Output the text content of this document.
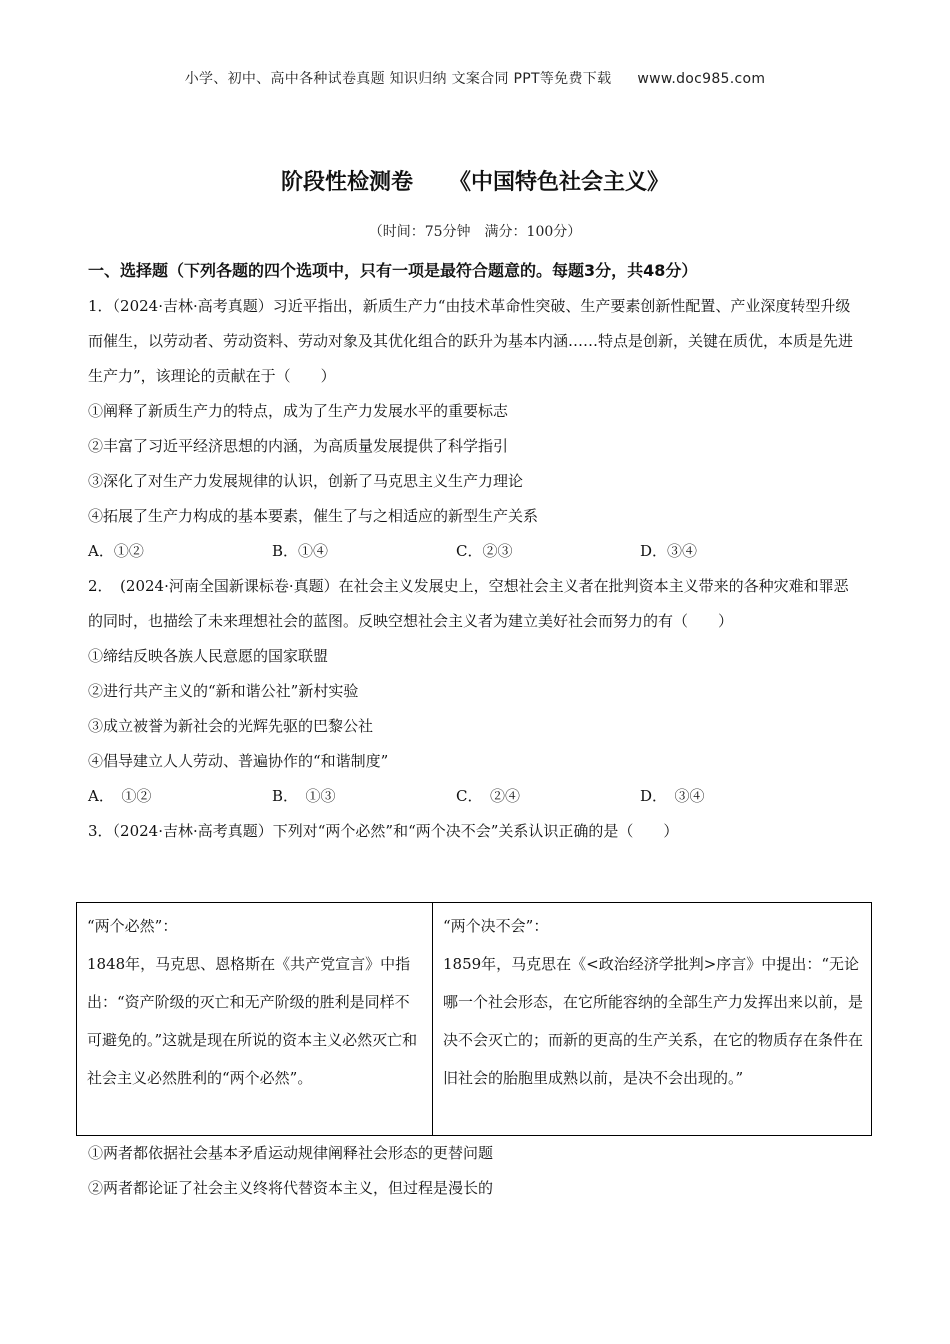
小学、初中、高中各种试卷真题 知识归纳 文案合同 PPT等免费下载 www.doc985.com
阶段性检测卷 《中国特色社会主义》
（时间：75分钟　满分：100分）
一、选择题（下列各题的四个选项中，只有一项是最符合题意的。每题3分，共48分）

1．（2024·吉林·高考真题）习近平指出，新质生产力“由技术革命性突破、生产要素创新性配置、产业深度转型升级而催生，以劳动者、劳动资料、劳动对象及其优化组合的跃升为基本内涵……特点是创新，关键在质优，本质是先进生产力”，该理论的贡献在于（　　）

①阐释了新质生产力的特点，成为了生产力发展水平的重要标志

②丰富了习近平经济思想的内涵，为高质量发展提供了科学指引

③深化了对生产力发展规律的认识，创新了马克思主义生产力理论

④拓展了生产力构成的基本要素，催生了与之相适应的新型生产关系

A．①②	B．①④	C．②③	D．③④

2．　(2024·河南全国新课标卷·真题）在社会主义发展史上，空想社会主义者在批判资本主义带来的各种灾难和罪恶的同时，也描绘了未来理想社会的蓝图。反映空想社会主义者为建立美好社会而努力的有（　　）

①缔结反映各族人民意愿的国家联盟

②进行共产主义的“新和谐公社”新村实验

③成立被誉为新社会的光辉先驱的巴黎公社

④倡导建立人人劳动、普遍协作的“和谐制度”

A．　①②	B．　①③	C．　②④	D．　③④

3．（2024·吉林·高考真题）下列对“两个必然”和“两个决不会”关系认识正确的是（　　）

“两个必然”：
1848年，马克思、恩格斯在《共产党宣言》中指出：“资产阶级的灭亡和无产阶级的胜利是同样不可避免的。”这就是现在所说的资本主义必然灭亡和社会主义必然胜利的“两个必然”。
“两个决不会”：
1859年，马克思在《<政治经济学批判>序言》中提出：“无论哪一个社会形态，在它所能容纳的全部生产力发挥出来以前，是决不会灭亡的；而新的更高的生产关系，在它的物质存在条件在旧社会的胎胞里成熟以前，是决不会出现的。”

①两者都依据社会基本矛盾运动规律阐释社会形态的更替问题

②两者都论证了社会主义终将代替资本主义，但过程是漫长的
